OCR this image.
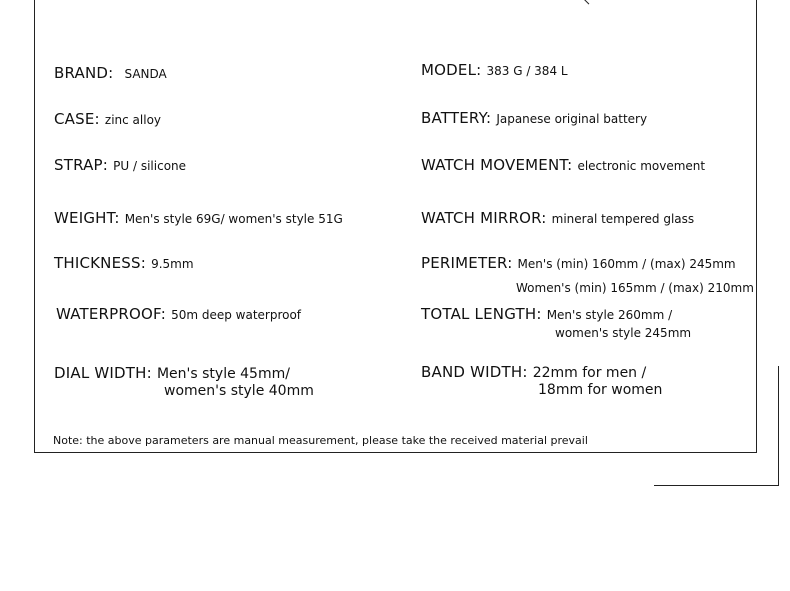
BRAND: SANDA
CASE: zinc alloy
STRAP: PU / silicone
WEIGHT: Men's style 69G/ women's style 51G
THICKNESS: 9.5mm
WATERPROOF: 50m deep waterproof
DIAL WIDTH: Men's style 45mm/
women's style 40mm
MODEL: 383 G / 384 L
BATTERY: Japanese original battery
WATCH MOVEMENT: electronic movement
WATCH MIRROR: mineral tempered glass
PERIMETER: Men's (min) 160mm / (max) 245mm
Women's (min) 165mm / (max) 210mm
TOTAL LENGTH: Men's style 260mm /
women's style 245mm
BAND WIDTH: 22mm for men /
18mm for women
Note: the above parameters are manual measurement, please take the received material prevail
